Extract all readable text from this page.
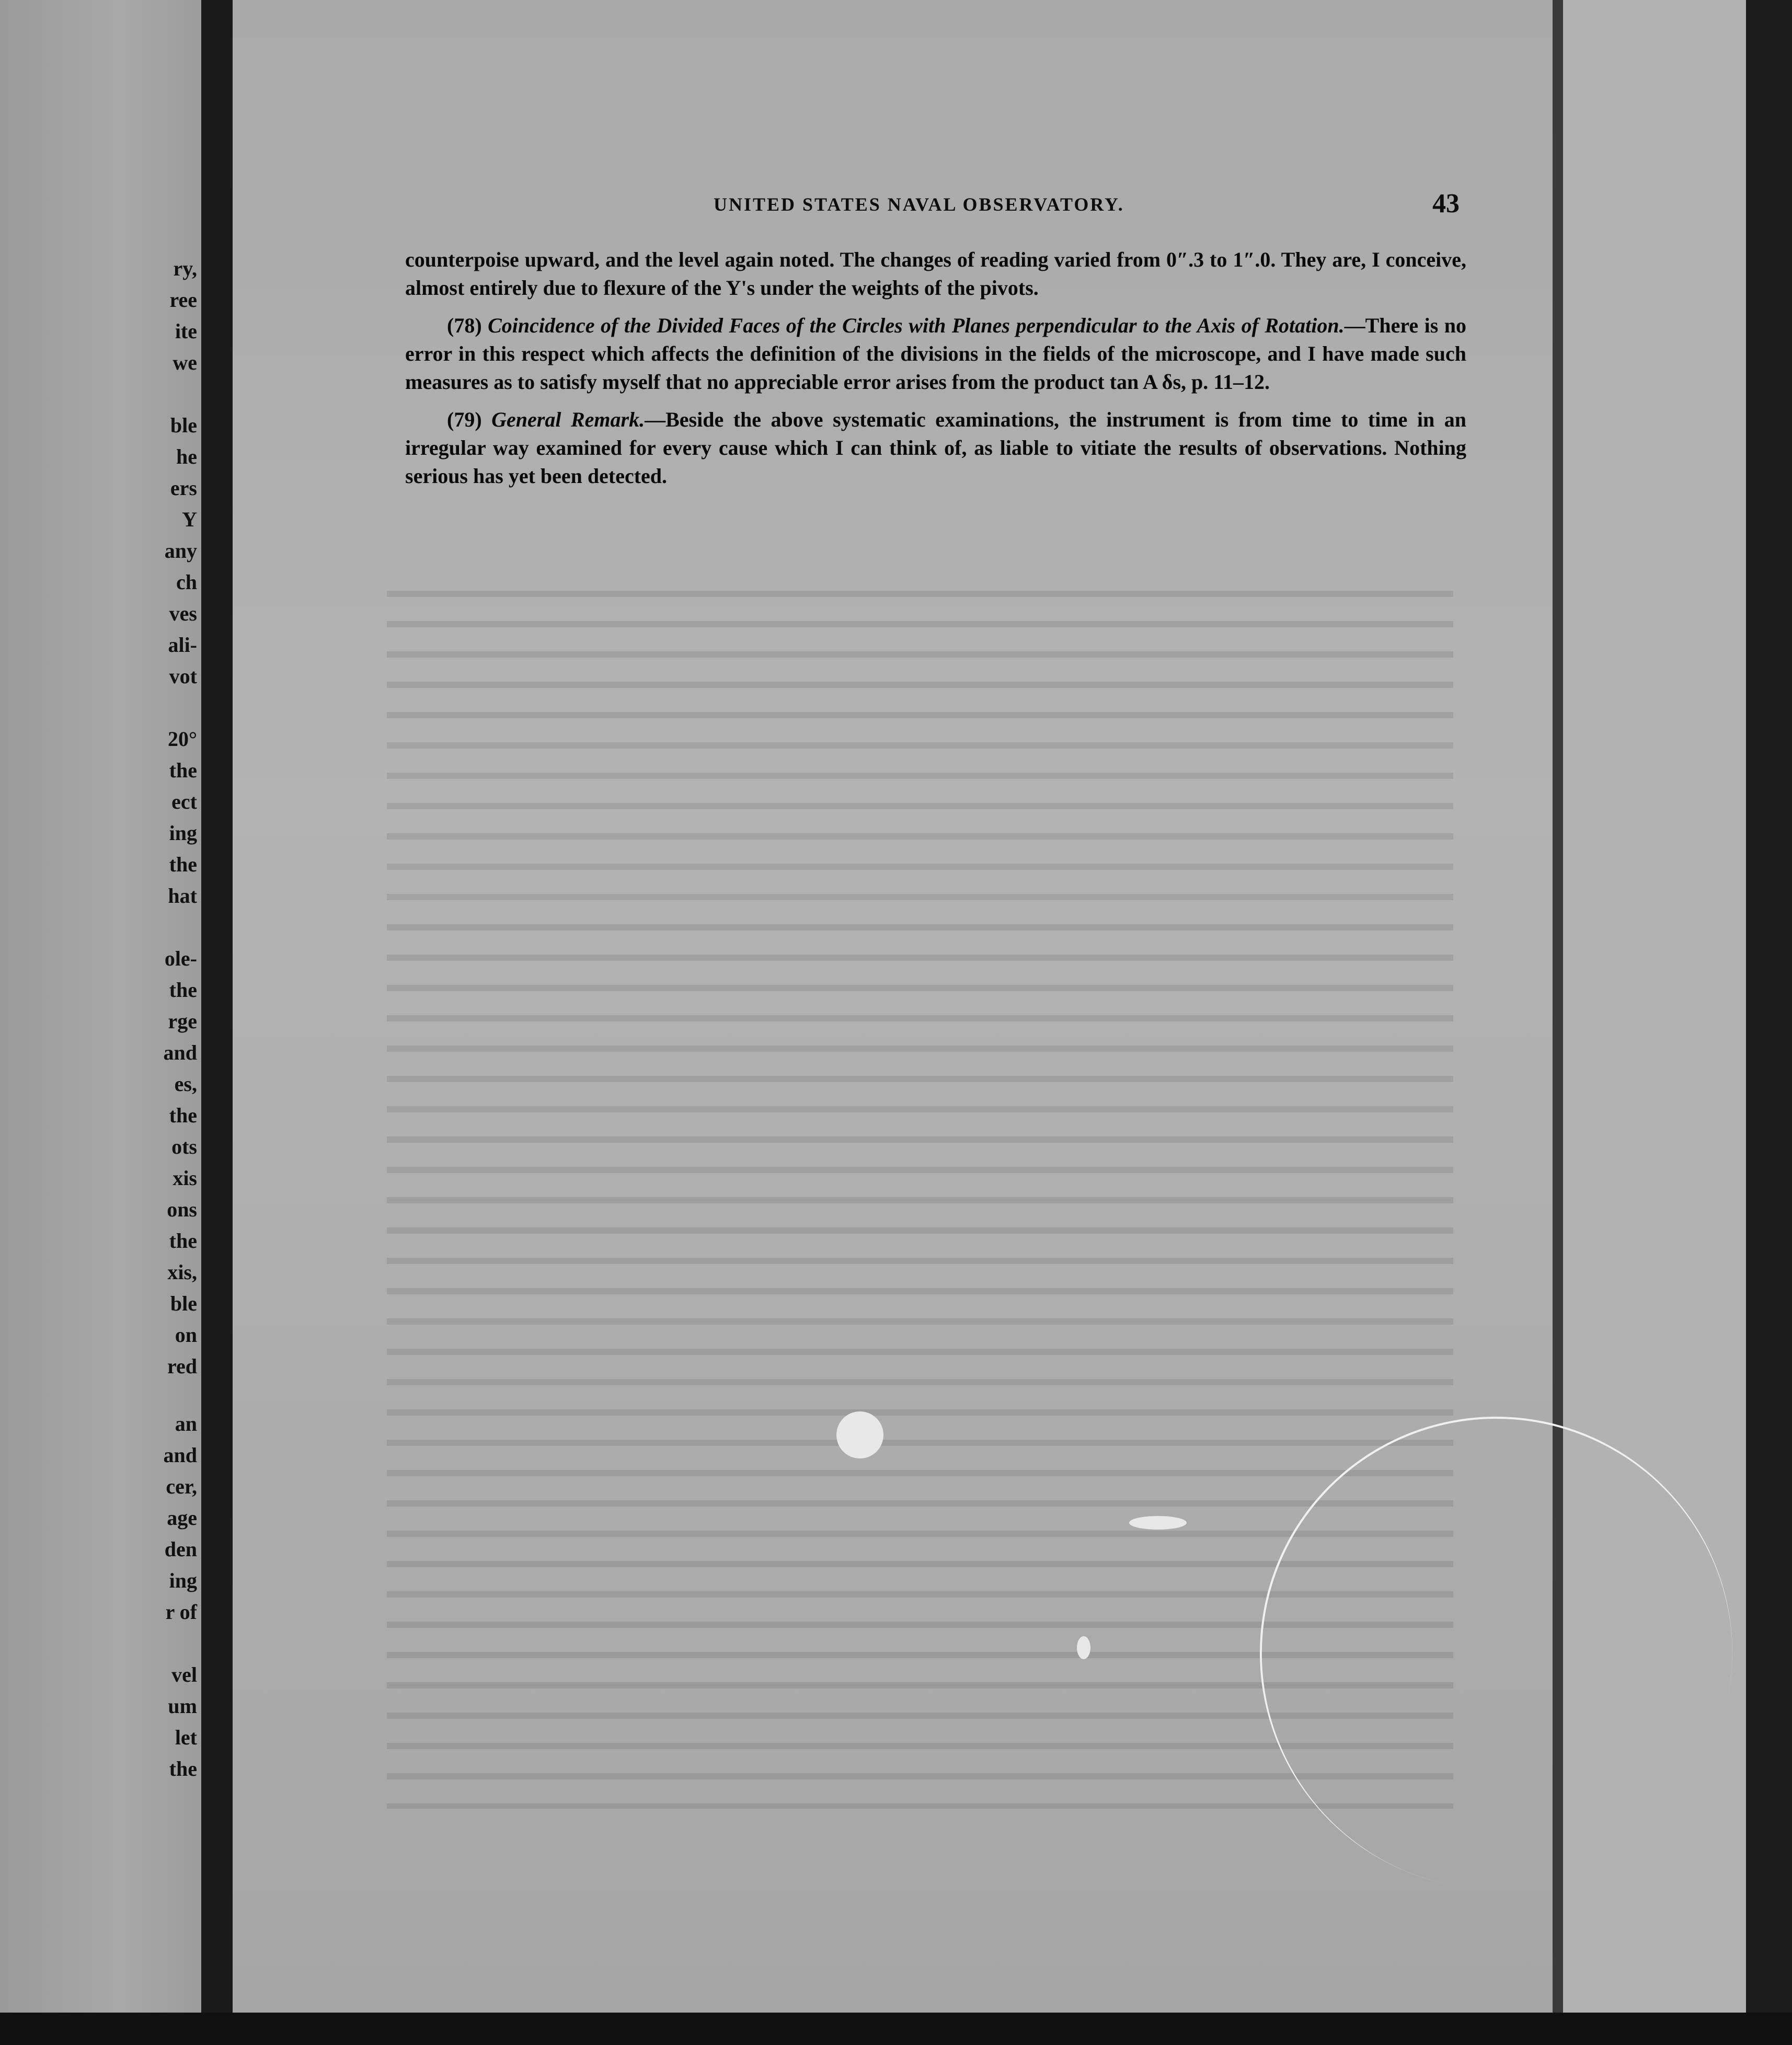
ry,
ree
ite
we
ble
he
ers
Y
any
ch
ves
ali-
vot
20°
the
ect
ing
the
hat
ole-
the
rge
and
es,
the
ots
xis
ons
the
xis,
ble
on
red
an
and
cer,
age
den
ing
r of
vel
um
let
the
UNITED STATES NAVAL OBSERVATORY.	43

counterpoise upward, and the level again noted. The changes of reading varied from 0″.3 to 1″.0. They are, I conceive, almost entirely due to flexure of the Y's under the weights of the pivots.

(78) Coincidence of the Divided Faces of the Circles with Planes perpendicular to the Axis of Rotation.—There is no error in this respect which affects the definition of the divisions in the fields of the microscope, and I have made such measures as to satisfy myself that no appreciable error arises from the product tan A δs, p. 11–12.

(79) General Remark.—Beside the above systematic examinations, the instrument is from time to time in an irregular way examined for every cause which I can think of, as liable to vitiate the results of observations. Nothing serious has yet been detected.
